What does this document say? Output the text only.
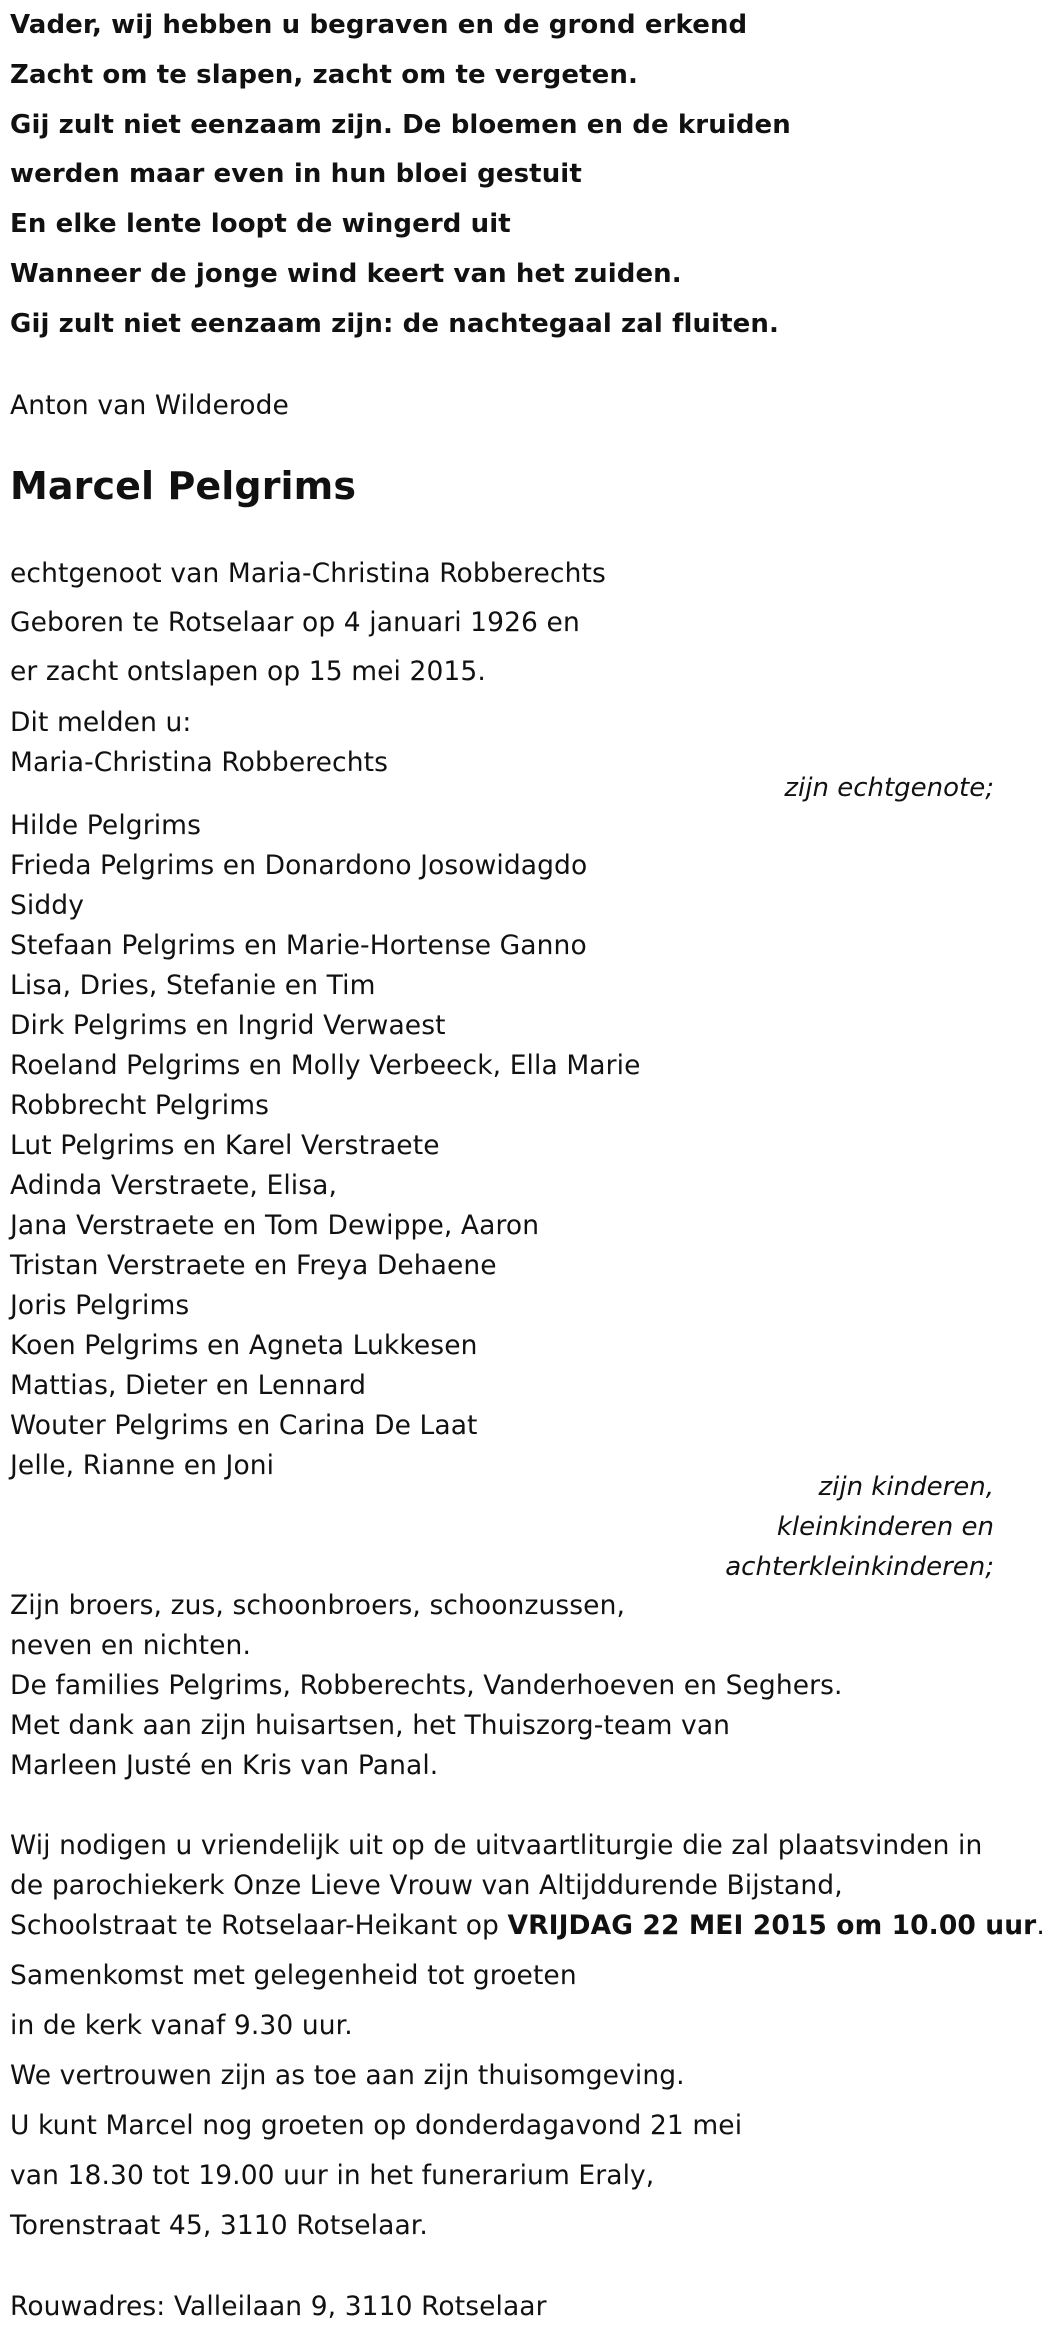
Vader, wij hebben u begraven en de grond erkend
Zacht om te slapen, zacht om te vergeten.
Gij zult niet eenzaam zijn. De bloemen en de kruiden
werden maar even in hun bloei gestuit
En elke lente loopt de wingerd uit
Wanneer de jonge wind keert van het zuiden.
Gij zult niet eenzaam zijn: de nachtegaal zal fluiten.
Anton van Wilderode
Marcel Pelgrims
echtgenoot van Maria-Christina Robberechts
Geboren te Rotselaar op 4 januari 1926 en
er zacht ontslapen op 15 mei 2015.
Dit melden u:
Maria-Christina Robberechts
zijn echtgenote;
Hilde Pelgrims
Frieda Pelgrims en Donardono Josowidagdo
Siddy
Stefaan Pelgrims en Marie-Hortense Ganno
Lisa, Dries, Stefanie en Tim
Dirk Pelgrims en Ingrid Verwaest
Roeland Pelgrims en Molly Verbeeck, Ella Marie
Robbrecht Pelgrims
Lut Pelgrims en Karel Verstraete
Adinda Verstraete, Elisa,
Jana Verstraete en Tom Dewippe, Aaron
Tristan Verstraete en Freya Dehaene
Joris Pelgrims
Koen Pelgrims en Agneta Lukkesen
Mattias, Dieter en Lennard
Wouter Pelgrims en Carina De Laat
Jelle, Rianne en Joni
zijn kinderen,
kleinkinderen en
achterkleinkinderen;
Zijn broers, zus, schoonbroers, schoonzussen,
neven en nichten.
De families Pelgrims, Robberechts, Vanderhoeven en Seghers.
Met dank aan zijn huisartsen, het Thuiszorg-team van
Marleen Justé en Kris van Panal.
Wij nodigen u vriendelijk uit op de uitvaartliturgie die zal plaatsvinden in
de parochiekerk Onze Lieve Vrouw van Altijddurende Bijstand,
Schoolstraat te Rotselaar-Heikant op VRIJDAG 22 MEI 2015 om 10.00 uur.
Samenkomst met gelegenheid tot groeten
in de kerk vanaf 9.30 uur.
We vertrouwen zijn as toe aan zijn thuisomgeving.
U kunt Marcel nog groeten op donderdagavond 21 mei
van 18.30 tot 19.00 uur in het funerarium Eraly,
Torenstraat 45, 3110 Rotselaar.
Rouwadres: Valleilaan 9, 3110 Rotselaar
